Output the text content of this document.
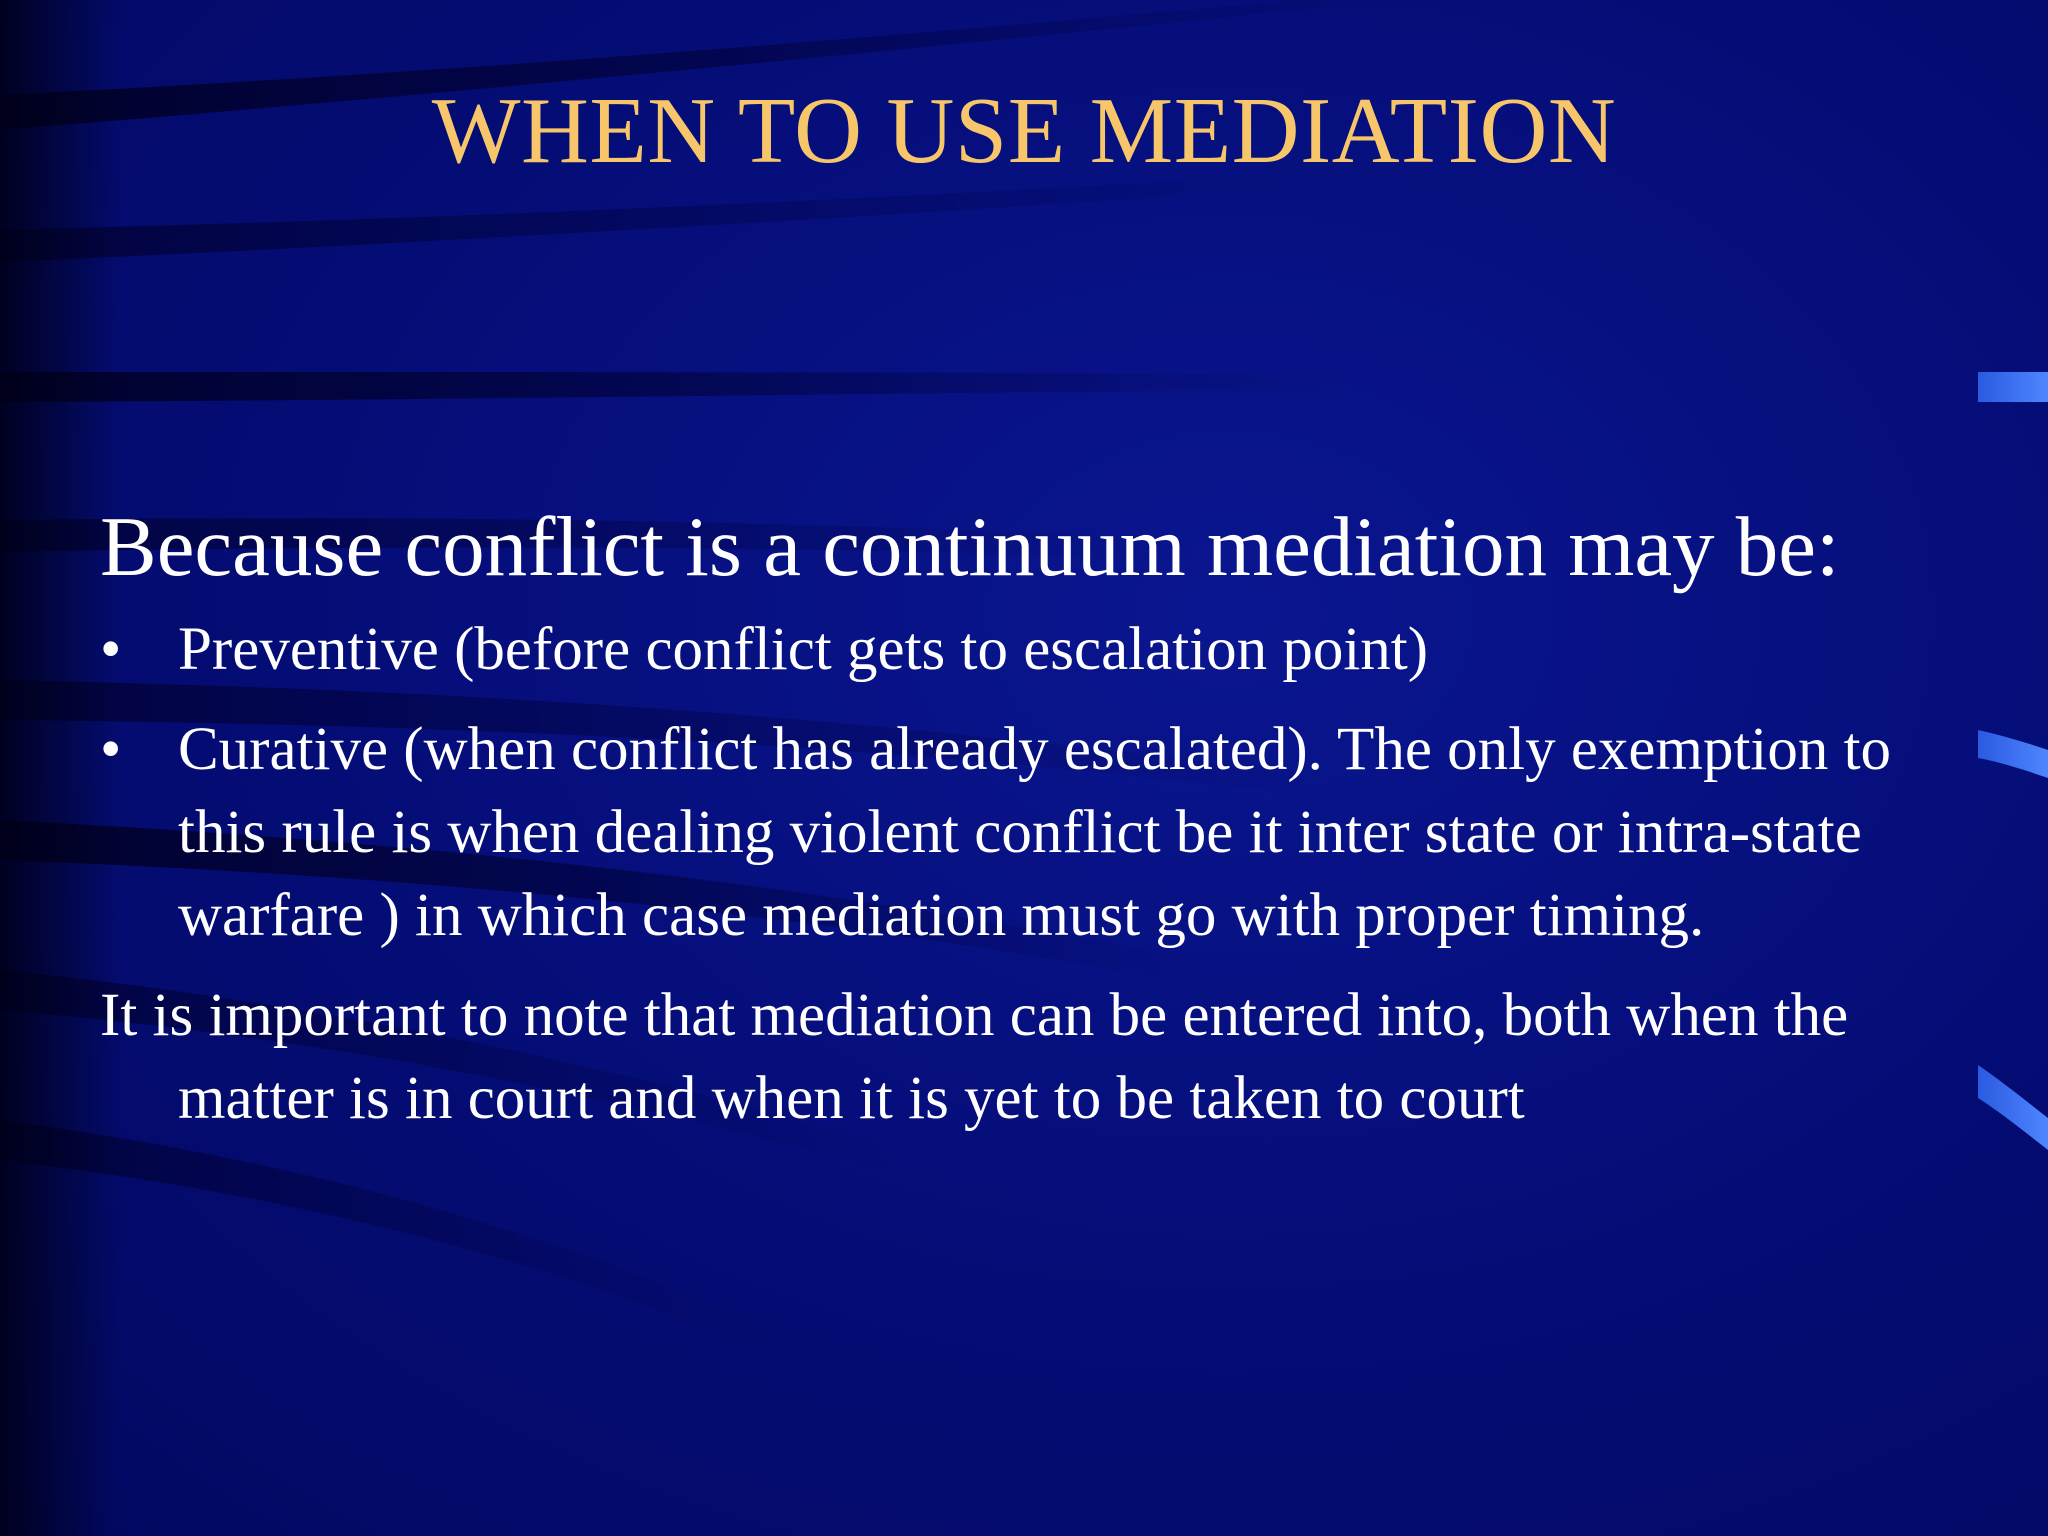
WHEN TO USE MEDIATION

Because conflict is a continuum mediation may be:

• Preventive (before conflict gets to escalation point)
• Curative (when conflict has already escalated). The only exemption to this rule is when dealing violent conflict be it inter state or intra-state warfare ) in which case mediation must go with proper timing.

It is important to note that mediation can be entered into, both when the matter is in court and when it is yet to be taken to court
